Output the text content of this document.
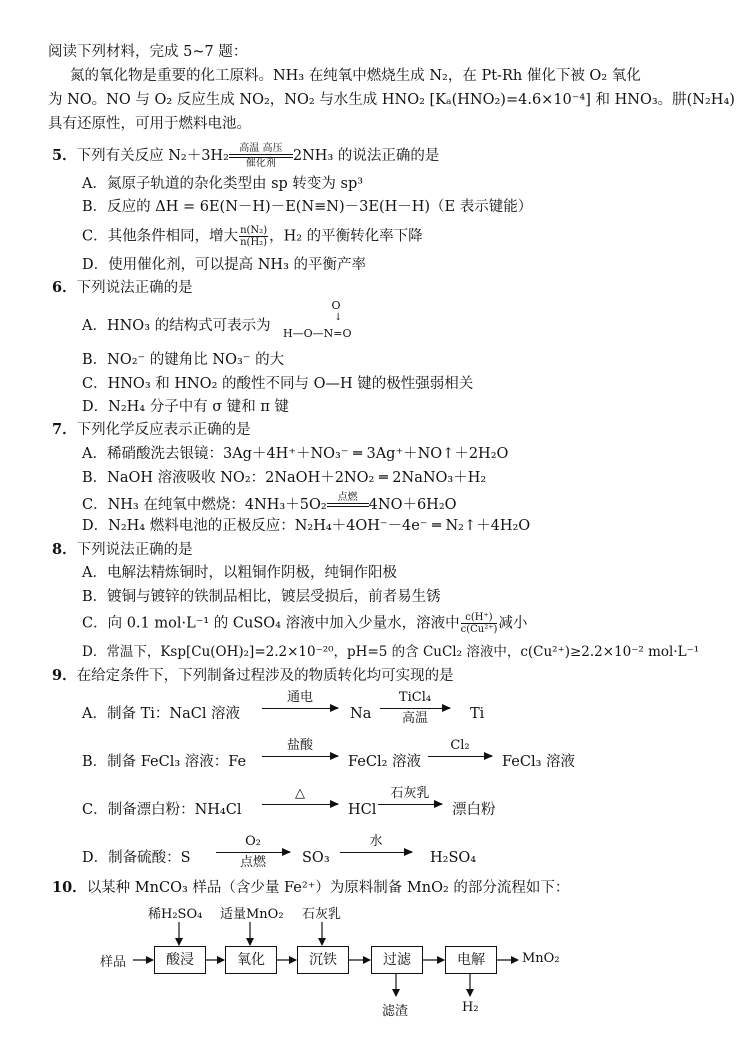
阅读下列材料，完成 5~7 题：
氮的氧化物是重要的化工原料。NH₃ 在纯氧中燃烧生成 N₂，在 Pt-Rh 催化下被 O₂ 氧化
为 NO。NO 与 O₂ 反应生成 NO₂，NO₂ 与水生成 HNO₂ [Kₐ(HNO₂)=4.6×10⁻⁴] 和 HNO₃。肼(N₂H₄)
具有还原性，可用于燃料电池。
5．下列有关反应 N₂＋3H₂	高温 高压
催化剂	2NH₃ 的说法正确的是
A．氮原子轨道的杂化类型由 sp 转变为 sp³
B．反应的 ΔH = 6E(N－H)－E(N≡N)－3E(H－H)（E 表示键能）
C．其他条件相同，增大 $\frac{\text{n(N₂)}}{\text{n(H₂)}}$ ，H₂ 的平衡转化率下降
D．使用催化剂，可以提高 NH₃ 的平衡产率
6．下列说法正确的是
A．HNO₃ 的结构式可表示为
O
↓
H—O—N=O
B．NO₂⁻ 的键角比 NO₃⁻ 的大
C．HNO₃ 和 HNO₂ 的酸性不同与 O—H 键的极性强弱相关
D．N₂H₄ 分子中有 σ 键和 π 键
7．下列化学反应表示正确的是
A．稀硝酸洗去银镜：3Ag＋4H⁺＋NO₃⁻ ═ 3Ag⁺＋NO↑＋2H₂O
B．NaOH 溶液吸收 NO₂：2NaOH＋2NO₂ ═ 2NaNO₃＋H₂
C．NH₃ 在纯氧中燃烧：4NH₃＋5O₂	点燃
4NO＋6H₂O
D．N₂H₄ 燃料电池的正极反应：N₂H₄＋4OH⁻－4e⁻ ═ N₂↑＋4H₂O
8．下列说法正确的是
A．电解法精炼铜时，以粗铜作阴极，纯铜作阳极
B．镀铜与镀锌的铁制品相比，镀层受损后，前者易生锈
C．向 0.1 mol·L⁻¹ 的 CuSO₄ 溶液中加入少量水，溶液中 $\frac{c(H^+)}{\text{c(Cu²⁺)}}$ 减小
D．常温下，Ksp[Cu(OH)₂]=2.2×10⁻²⁰，pH=5 的含 CuCl₂ 溶液中，c(Cu²⁺)≥2.2×10⁻² mol·L⁻¹
9．在给定条件下，下列制备过程涉及的物质转化均可实现的是
A．制备 Ti：NaCl 溶液
通电
Na
TiCl₄
高温	Ti
B．制备 FeCl₃ 溶液：Fe
盐酸
FeCl₂ 溶液
Cl₂
FeCl₃ 溶液
C．制备漂白粉：NH₄Cl
△
HCl
石灰乳
漂白粉
D．制备硫酸：S
O₂
点燃	SO₃
水
H₂SO₄
10．以某种 MnCO₃ 样品（含少量 Fe²⁺）为原料制备 MnO₂ 的部分流程如下：
样品
稀H₂SO₄ 适量MnO₂ 石灰乳
酸浸	氧化	沉铁	过滤	电解	MnO₂
滤渣	H₂
